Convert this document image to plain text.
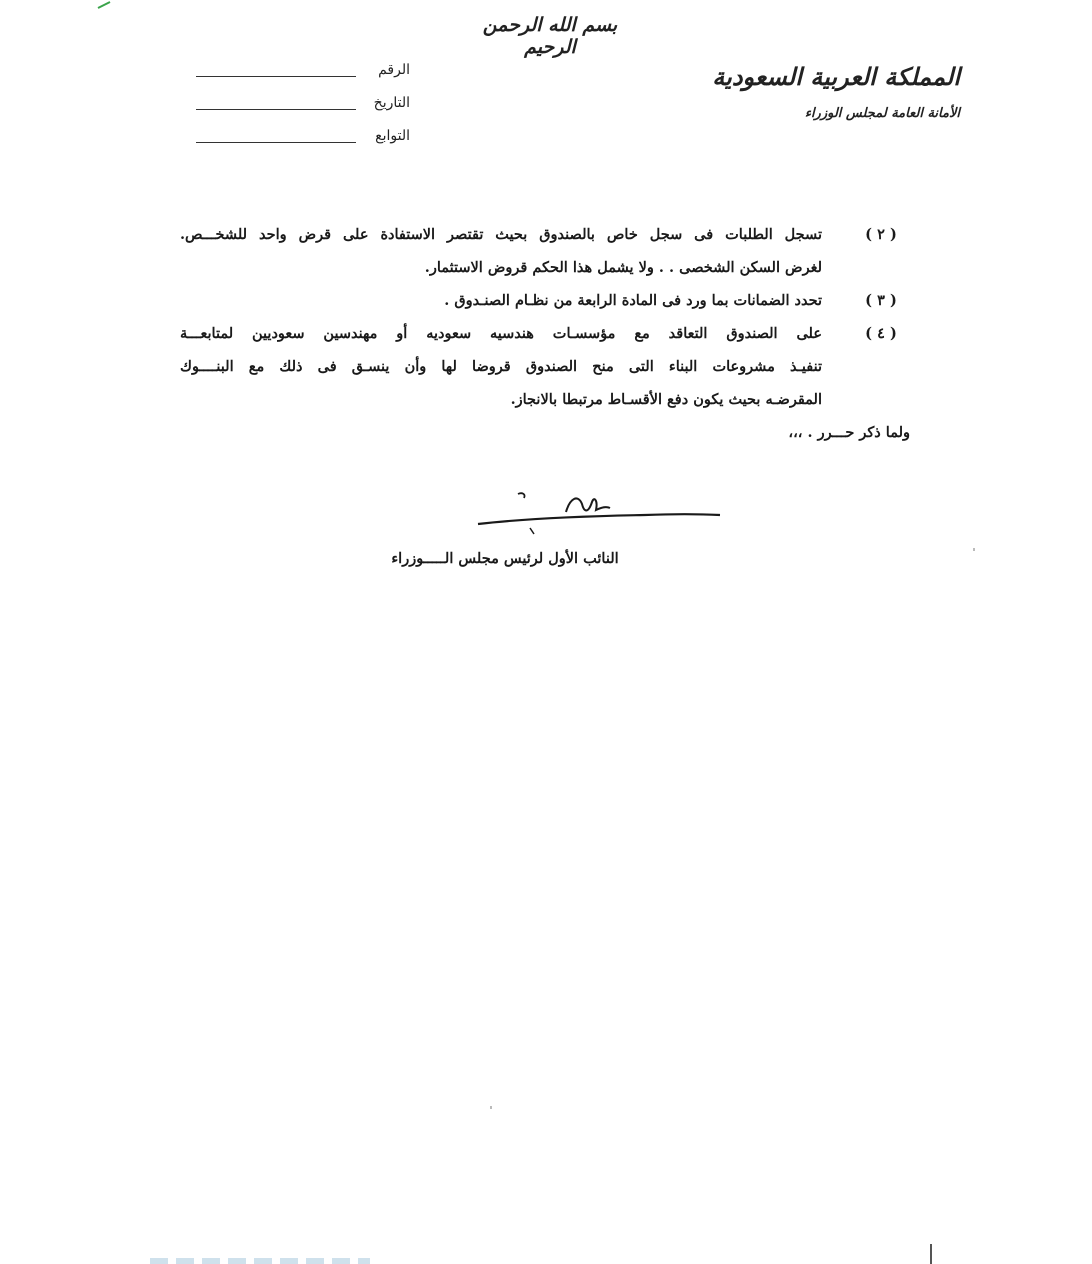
بسم الله الرحمن الرحيم
المملكة العربية السعودية
الأمانة العامة لمجلس الوزراء
الرقم
التاريخ
التوابع
( ٢ )
تسجل الطلبات فى سجل خاص بالصندوق بحيث تقتصر الاستفادة على قرض واحد للشخـــص.
لغرض السكن الشخصى . . ولا يشمل هذا الحكم قروض الاستثمار.
( ٣ )
تحدد الضمانات بما ورد فى المادة الرابعة من نظـام الصنـدوق .
( ٤ )
على الصندوق التعاقد مع مؤسسـات هندسيه سعوديه أو مهندسين سعوديين لمتابعـــة
تنفيـذ مشروعات البناء التى منح الصندوق قروضا لها وأن ينسـق فى ذلك مع البنــــوك
المقرضـه بحيث يكون دفع الأقسـاط مرتبطا بالانجاز.
ولما ذكر حـــرر . ،،،
النائب الأول لرئيس مجلس الـــــوزراء
